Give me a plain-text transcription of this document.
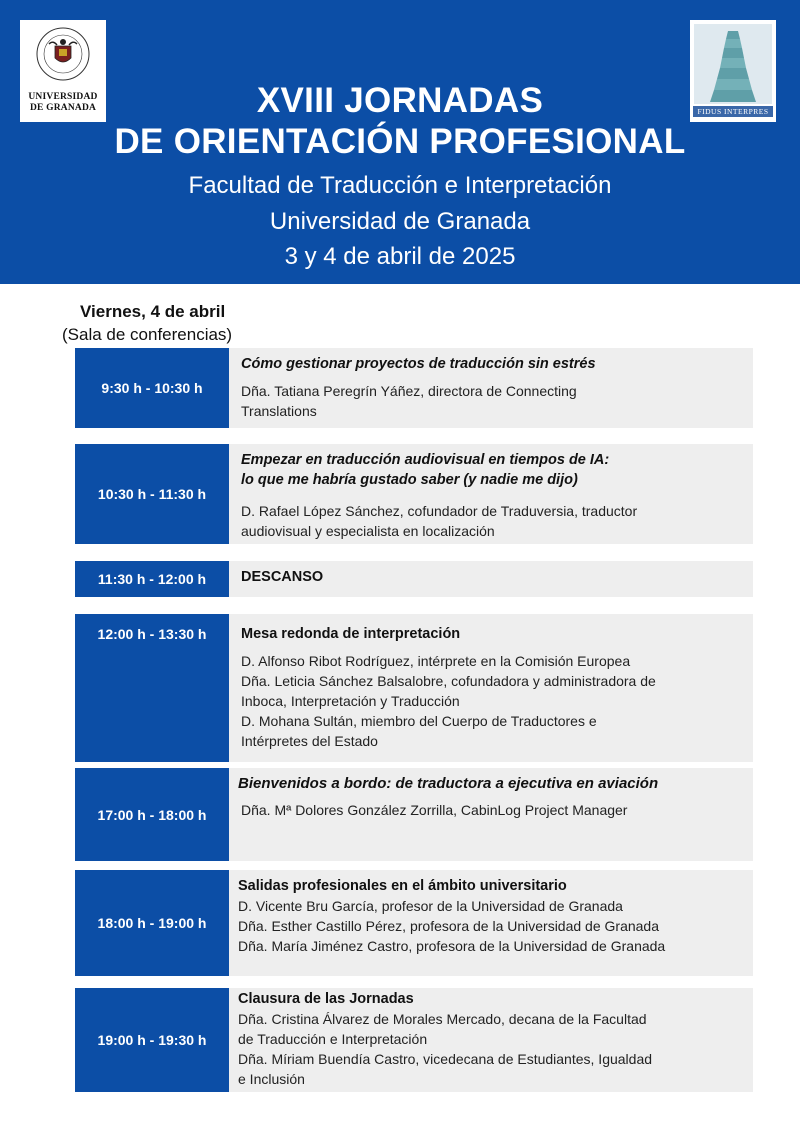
UNIVERSIDAD
DE GRANADA	FIDUS INTERPRES
XVIII JORNADAS
DE ORIENTACIÓN PROFESIONAL
Facultad de Traducción e Interpretación
Universidad de Granada
3 y 4 de abril de 2025
Viernes, 4 de abril
(Sala de conferencias)
9:30 h - 10:30 h
Cómo gestionar proyectos de traducción sin estrés
Dña. Tatiana Peregrín Yáñez, directora de Connecting
Translations
10:30 h - 11:30 h
Empezar en traducción audiovisual en tiempos de IA:
lo que me habría gustado saber (y nadie me dijo)
D. Rafael López Sánchez, cofundador de Traduversia, traductor
audiovisual y especialista en localización
11:30 h - 12:00 h	DESCANSO
12:00 h - 13:30 h	Mesa redonda de interpretación
D. Alfonso Ribot Rodríguez, intérprete en la Comisión Europea
Dña. Leticia Sánchez Balsalobre, cofundadora y administradora de
Inboca, Interpretación y Traducción
D. Mohana Sultán, miembro del Cuerpo de Traductores e
Intérpretes del Estado
17:00 h - 18:00 h
Bienvenidos a bordo: de traductora a ejecutiva en aviación
Dña. Mª Dolores González Zorrilla, CabinLog Project Manager
18:00 h - 19:00 h
Salidas profesionales en el ámbito universitario
D. Vicente Bru García, profesor de la Universidad de Granada
Dña. Esther Castillo Pérez, profesora de la Universidad de Granada
Dña. María Jiménez Castro, profesora de la Universidad de Granada
19:00 h - 19:30 h
Clausura de las Jornadas
Dña. Cristina Álvarez de Morales Mercado, decana de la Facultad
de Traducción e Interpretación
Dña. Míriam Buendía Castro, vicedecana de Estudiantes, Igualdad
e Inclusión
